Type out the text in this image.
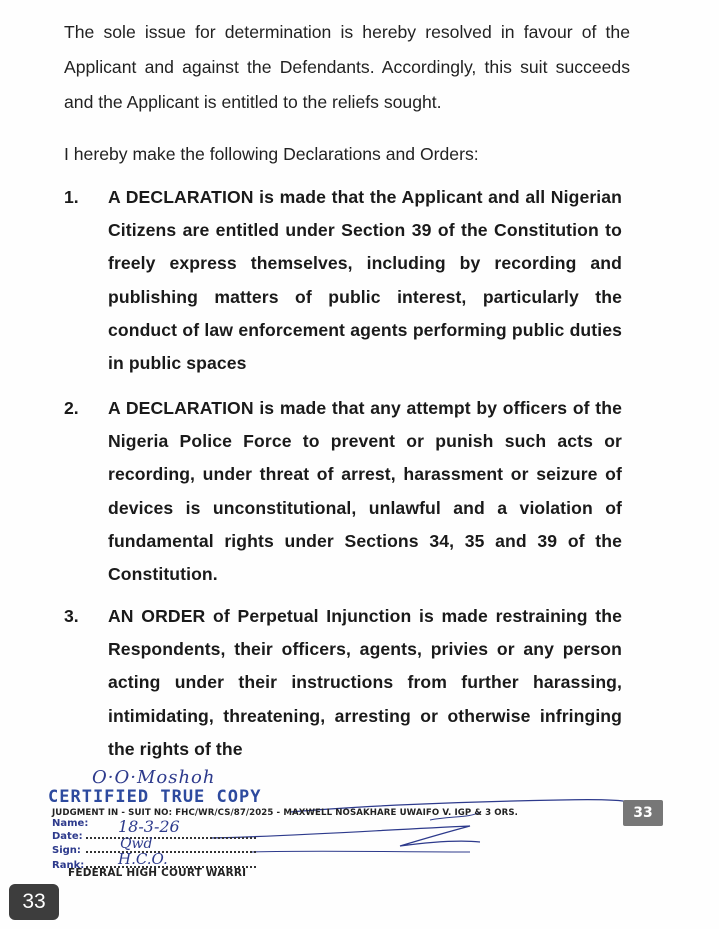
The sole issue for determination is hereby resolved in favour of the Applicant and against the Defendants. Accordingly, this suit succeeds and the Applicant is entitled to the reliefs sought.
I hereby make the following Declarations and Orders:
1. A DECLARATION is made that the Applicant and all Nigerian Citizens are entitled under Section 39 of the Constitution to freely express themselves, including by recording and publishing matters of public interest, particularly the conduct of law enforcement agents performing public duties in public spaces
2. A DECLARATION is made that any attempt by officers of the Nigeria Police Force to prevent or punish such acts or recording, under threat of arrest, harassment or seizure of devices is unconstitutional, unlawful and a violation of fundamental rights under Sections 34, 35 and 39 of the Constitution.
3. AN ORDER of Perpetual Injunction is made restraining the Respondents, their officers, agents, privies or any person acting under their instructions from further harassing, intimidating, threatening, arresting or otherwise infringing the rights of the
O·O·Moshoh
CERTIFIED TRUE COPY
JUDGMENT IN - SUIT NO: FHC/WR/CS/87/2025 - MAXWELL NOSAKHARE UWAIFO V. IGP & 3 ORS.
Name:
Date:
18-3-26
Sign:	Qwd
Rank:	H.C.O.
FEDERAL HIGH COURT WARRI
33
33
